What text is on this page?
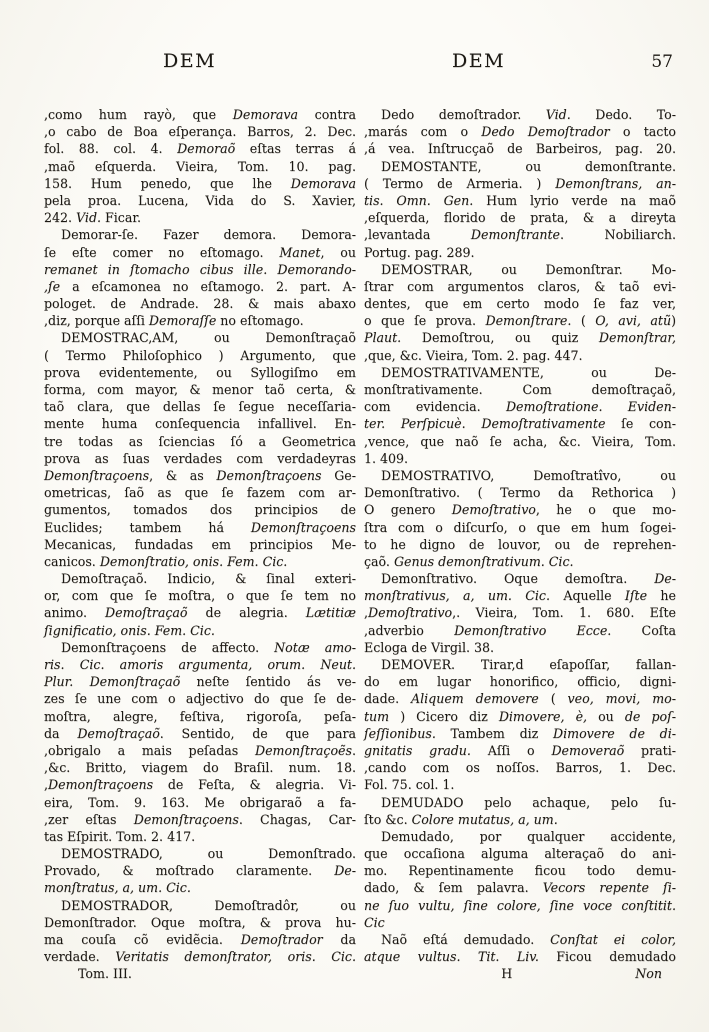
DEM	DEM	57
,como hum rayò, que Demorava contra
,o cabo de Boa eſperança. Barros, 2. Dec.
fol. 88. col. 4. Demoraõ eſtas terras á
,maõ eſquerda. Vieira, Tom. 10. pag.
158. Hum penedo, que lhe Demorava
pela proa. Lucena, Vida do S. Xavier,
242. Vid. Ficar.
Demorar-ſe. Fazer demora. Demora-
ſe eſte comer no eſtomago. Manet, ou
remanet in ſtomacho cibus ille. Demorando-
,ſe a eſcamonea no eſtamogo. 2. part. A-
pologet. de Andrade. 28. & mais abaxo
,diz, porque aſſi Demoraſſe no eſtomago.
DEMOSTRAC,AM, ou Demonſtraçaõ
( Termo Philoſophico ) Argumento, que
prova evidentemente, ou Syllogiſmo em
forma, com mayor, & menor taõ certa, &
taõ clara, que dellas ſe ſegue neceſſaria-
mente huma conſequencia infallivel. En-
tre todas as ſciencias ſó a Geometrica
prova as ſuas verdades com verdadeyras
Demonſtraçoens, & as Demonſtraçoens Ge-
ometricas, ſaõ as que ſe fazem com ar-
gumentos, tomados dos principios de
Euclides; tambem há Demonſtraçoens
Mecanicas, fundadas em principios Me-
canicos. Demonſtratio, onis. Fem. Cic.
Demoſtraçaõ. Indicio, & ſinal exteri-
or, com que ſe moſtra, o que ſe tem no
animo. Demoſtraçaõ de alegria. Lætitiæ
ſignificatio, onis. Fem. Cic.
Demonſtraçoens de affecto. Notæ amo-
ris. Cic. amoris argumenta, orum. Neut.
Plur. Demonſtraçaõ neſte ſentido ás ve-
zes ſe une com o adjectivo do que ſe de-
moſtra, alegre, feſtiva, rigoroſa, peſa-
da Demoſtraçaõ. Sentido, de que para
,obrigalo a mais peſadas Demonſtraçoẽs.
,&c. Britto, viagem do Braſil. num. 18.
,Demonſtraçoens de Feſta, & alegria. Vi-
eira, Tom. 9. 163. Me obrigaraõ a fa-
,zer eſtas Demonſtraçoens. Chagas, Car-
tas Eſpirit. Tom. 2. 417.
DEMOSTRADO, ou Demonſtrado.
Provado, & moſtrado claramente. De-
monſtratus, a, um. Cic.
DEMOSTRADOR, Demoſtradôr, ou
Demonſtrador. Oque moſtra, & prova hu-
ma couſa cõ evidẽcia. Demoſtrador da
verdade. Veritatis demonſtrator, oris. Cic.
Tom. III.
Dedo demoſtrador. Vid. Dedo. To-
,marás com o Dedo Demoſtrador o tacto
,á vea. Inſtrucçaõ de Barbeiros, pag. 20.
DEMOSTANTE, ou demonſtrante.
( Termo de Armeria. ) Demonſtrans, an-
tis. Omn. Gen. Hum lyrio verde na maõ
,eſquerda, florido de prata, & a direyta
,levantada Demonſtrante. Nobiliarch.
Portug. pag. 289.
DEMOSTRAR, ou Demonſtrar. Mo-
ſtrar com argumentos claros, & taõ evi-
dentes, que em certo modo ſe faz ver,
o que ſe prova. Demonſtrare. ( O, avi, atũ)
Plaut. Demoſtrou, ou quiz Demonſtrar,
,que, &c. Vieira, Tom. 2. pag. 447.
DEMOSTRATIVAMENTE, ou De-
monſtrativamente. Com demoſtraçaõ,
com evidencia. Demoſtratione. Eviden-
ter. Perſpicuè. Demoſtrativamente ſe con-
,vence, que naõ ſe acha, &c. Vieira, Tom.
1. 409.
DEMOSTRATIVO, Demoſtratîvo, ou
Demonſtrativo. ( Termo da Rethorica )
O genero Demoſtrativo, he o que mo-
ſtra com o diſcurſo, o que em hum ſogei-
to he digno de louvor, ou de reprehen-
çaõ. Genus demonſtrativum. Cic.
Demonſtrativo. Oque demoſtra. De-
monſtrativus, a, um. Cic. Aquelle Iſte he
,Demoſtrativo,. Vieira, Tom. 1. 680. Eſte
,adverbio Demonſtrativo Ecce. Coſta
Ecloga de Virgil. 38.
DEMOVER. Tirar,d eſapoſſar, fallan-
do em lugar honorifico, officio, digni-
dade. Aliquem demovere ( veo, movi, mo-
tum ) Cicero diz Dimovere, è, ou de poſ-
ſeſſionibus. Tambem diz Dimovere de di-
gnitatis gradu. Aſſi o Demoveraõ prati-
,cando com os noſſos. Barros, 1. Dec.
Fol. 75. col. 1.
DEMUDADO pelo achaque, pelo ſu-
ſto &c. Colore mutatus, a, um.
Demudado, por qualquer accidente,
que occaſiona alguma alteraçaõ do ani-
mo. Repentinamente ficou todo demu-
dado, & ſem palavra. Vecors repente ſi-
ne ſuo vultu, ſine colore, ſine voce conſtitit.
Cic
Naõ eſtá demudado. Conſtat ei color,
atque vultus. Tit. Liv. Ficou demudado
H	Non
